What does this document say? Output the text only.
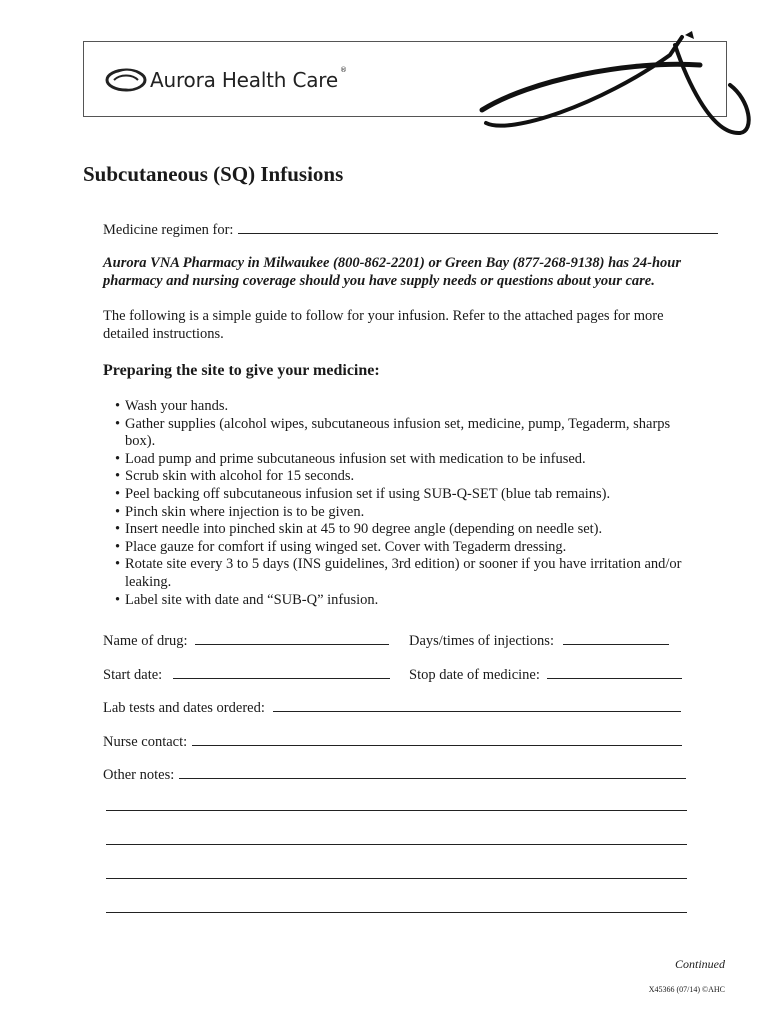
Aurora Health Care ®
Subcutaneous (SQ) Infusions
Medicine regimen for:
Aurora VNA Pharmacy in Milwaukee (800-862-2201) or Green Bay (877-268-9138) has 24-hour pharmacy and nursing coverage should you have supply needs or questions about your care.
The following is a simple guide to follow for your infusion. Refer to the attached pages for more detailed instructions.
Preparing the site to give your medicine:
• Wash your hands.
• Gather supplies (alcohol wipes, subcutaneous infusion set, medicine, pump, Tegaderm, sharps box).
• Load pump and prime subcutaneous infusion set with medication to be infused.
• Scrub skin with alcohol for 15 seconds.
• Peel backing off subcutaneous infusion set if using SUB-Q-SET (blue tab remains).
• Pinch skin where injection is to be given.
• Insert needle into pinched skin at 45 to 90 degree angle (depending on needle set).
• Place gauze for comfort if using winged set. Cover with Tegaderm dressing.
• Rotate site every 3 to 5 days (INS guidelines, 3rd edition) or sooner if you have irritation and/or leaking.
• Label site with date and “SUB-Q” infusion.
Name of drug:	Days/times of injections:
Start date:	Stop date of medicine:
Lab tests and dates ordered:
Nurse contact:
Other notes:
Continued
X45366 (07/14) ©AHC
